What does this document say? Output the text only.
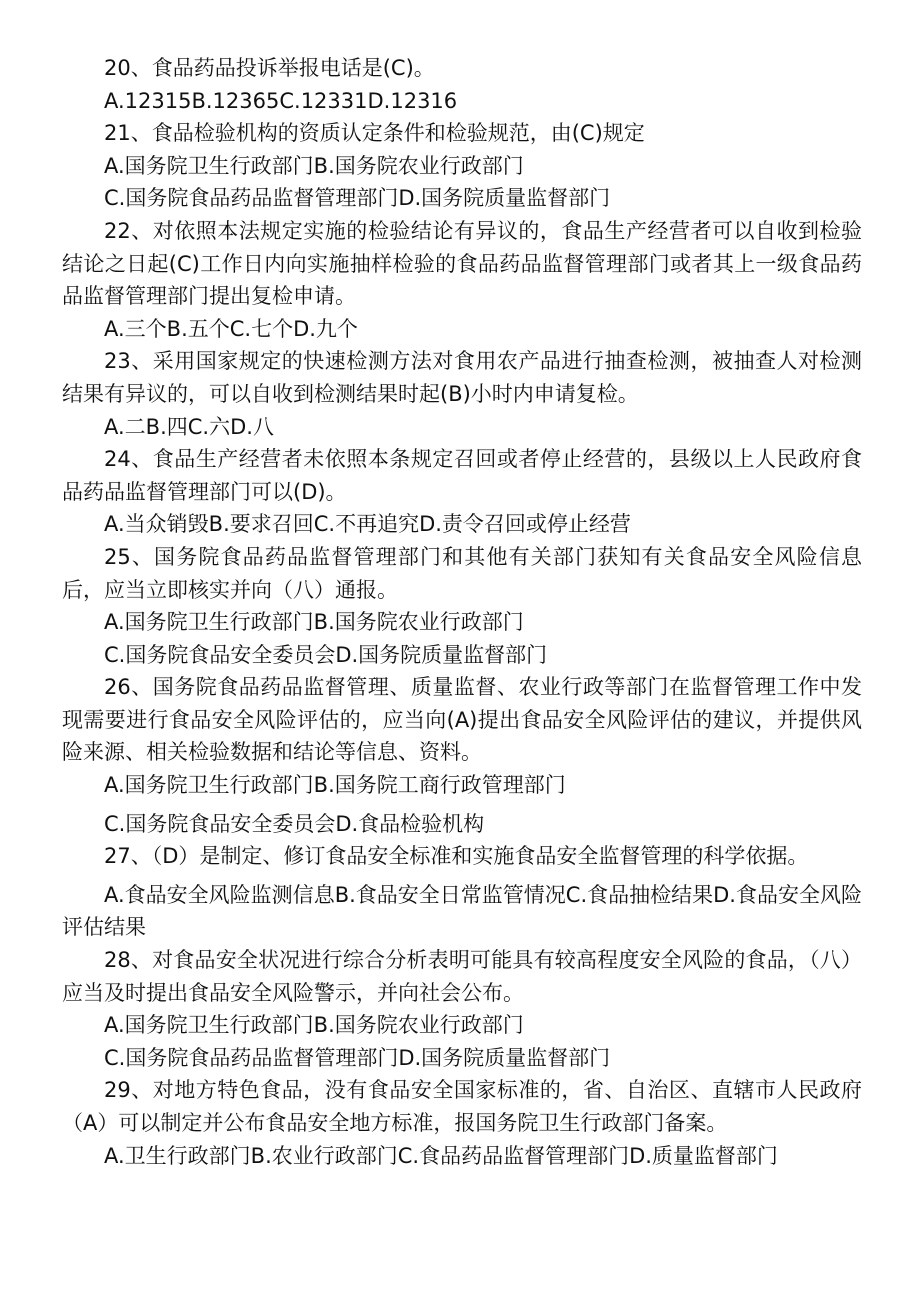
20、食品药品投诉举报电话是(C)。

A.12315B.12365C.12331D.12316

21、食品检验机构的资质认定条件和检验规范，由(C)规定

A.国务院卫生行政部门B.国务院农业行政部门

C.国务院食品药品监督管理部门D.国务院质量监督部门

22、对依照本法规定实施的检验结论有异议的，食品生产经营者可以自收到检验结论之日起(C)工作日内向实施抽样检验的食品药品监督管理部门或者其上一级食品药品监督管理部门提出复检申请。

A.三个B.五个C.七个D.九个

23、采用国家规定的快速检测方法对食用农产品进行抽查检测，被抽查人对检测结果有异议的，可以自收到检测结果时起(B)小时内申请复检。

A.二B.四C.六D.八

24、食品生产经营者未依照本条规定召回或者停止经营的，县级以上人民政府食品药品监督管理部门可以(D)。

A.当众销毁B.要求召回C.不再追究D.责令召回或停止经营

25、国务院食品药品监督管理部门和其他有关部门获知有关食品安全风险信息后，应当立即核实并向（八）通报。

A.国务院卫生行政部门B.国务院农业行政部门

C.国务院食品安全委员会D.国务院质量监督部门

26、国务院食品药品监督管理、质量监督、农业行政等部门在监督管理工作中发现需要进行食品安全风险评估的，应当向(A)提出食品安全风险评估的建议，并提供风险来源、相关检验数据和结论等信息、资料。

A.国务院卫生行政部门B.国务院工商行政管理部门

C.国务院食品安全委员会D.食品检验机构

27、（D）是制定、修订食品安全标准和实施食品安全监督管理的科学依据。

A.食品安全风险监测信息B.食品安全日常监管情况C.食品抽检结果D.食品安全风险评估结果

28、对食品安全状况进行综合分析表明可能具有较高程度安全风险的食品，（八）应当及时提出食品安全风险警示，并向社会公布。

A.国务院卫生行政部门B.国务院农业行政部门

C.国务院食品药品监督管理部门D.国务院质量监督部门

29、对地方特色食品，没有食品安全国家标准的，省、自治区、直辖市人民政府（A）可以制定并公布食品安全地方标准，报国务院卫生行政部门备案。

A.卫生行政部门B.农业行政部门C.食品药品监督管理部门D.质量监督部门
